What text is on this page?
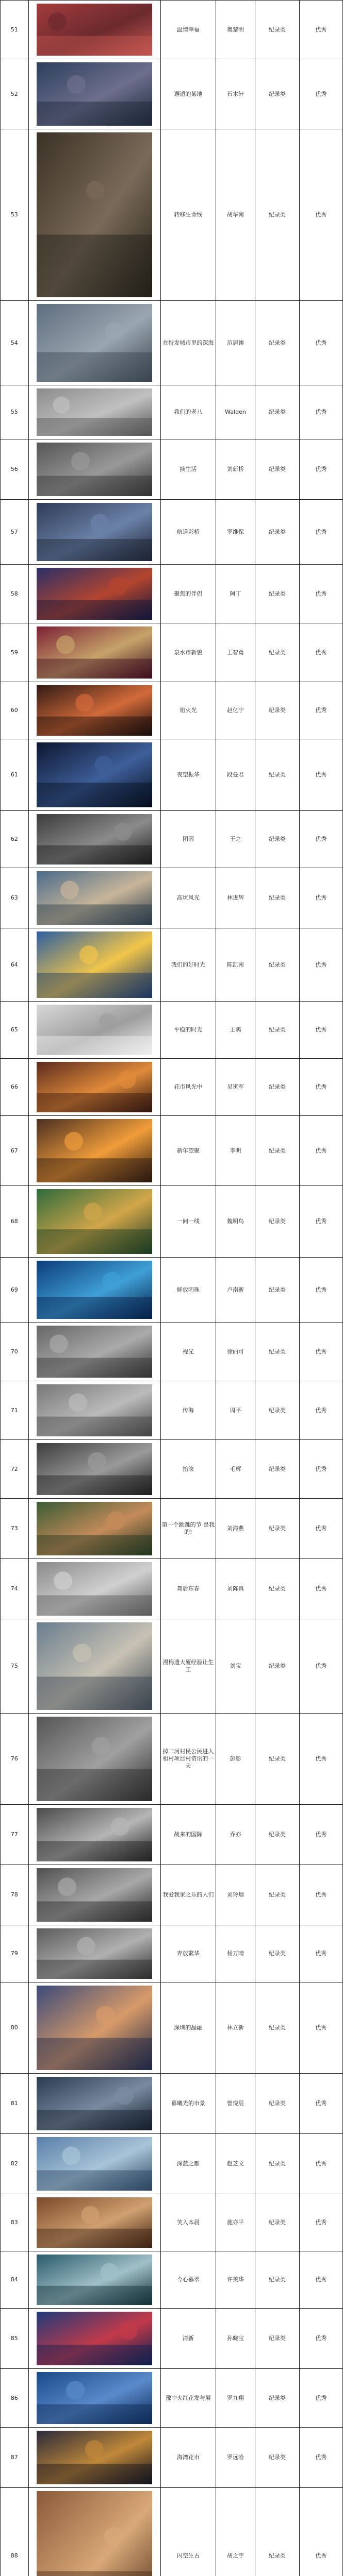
51		温情幸福	奥黎明	纪录类	优秀
52		邂逅的某地	石木轩	纪录类	优秀
53		转移生命线	胡华南	纪录类	优秀
54		在特发城市里的深海	范居诶	纪录类	优秀
55		我们的老八	Walden	纪录类	优秀
56		摘生活	刘新桥	纪录类	优秀
57		航道彩桥	罗维保	纪录类	优秀
58		聚焦的伴侣	阿丁	纪录类	优秀
59		泉水市新貌	王智勇	纪录类	优秀
60		焰火光	赵亿宁	纪录类	优秀
61		夜望振华	段曼君	纪录类	优秀
62		团圆	王之	纪录类	优秀
63		高坑风光	林进辉	纪录类	优秀
64		我们的好时光	陈凯南	纪录类	优秀
65		平稳的时光	王鸦	纪录类	优秀
66		花市风光中	吴寅军	纪录类	优秀
67		新年望聚	李明	纪录类	优秀
68		一问一线	魏明鸟	纪录类	优秀
69		鲜放明珠	卢南新	纪录类	优秀
70		视光	徐丽可	纪录类	优秀
71		传海	周平	纪录类	优秀
72		抬滚	毛辉	纪录类	优秀
73		第一个跳跳的节 是我的!	刘海燕	纪录类	优秀
74		舞后东春	刘陈真	纪录类	优秀
75		漫梅遗大厦经验让生工	刘宝	纪录类	优秀
76		掉二河村民公民进入相村项目村资讯的一天	彭彰	纪录类	优秀
77		战来的国际	乔亦	纪录类	优秀
78		我爱我家之乐的人们	刘玲烟	纪录类	优秀
79		奔放繁华	杨万晴	纪录类	优秀
80		深圳的晶融	林立新	纪录类	优秀
81		暮曦光的市景	曾悦辰	纪录类	优秀
82		深蓝之都	赵芝文	纪录类	优秀
83		笑入本晨	施亦平	纪录类	优秀
84		今心暮翠	许美华	纪录类	优秀
85		清新	孙晓宝	纪录类	优秀
86		豫中火红花发与展	罗九翔	纪录类	优秀
87		海湾花市	罗远哈	纪录类	优秀
88		闪空生古	胡之宇	纪录类	优秀
